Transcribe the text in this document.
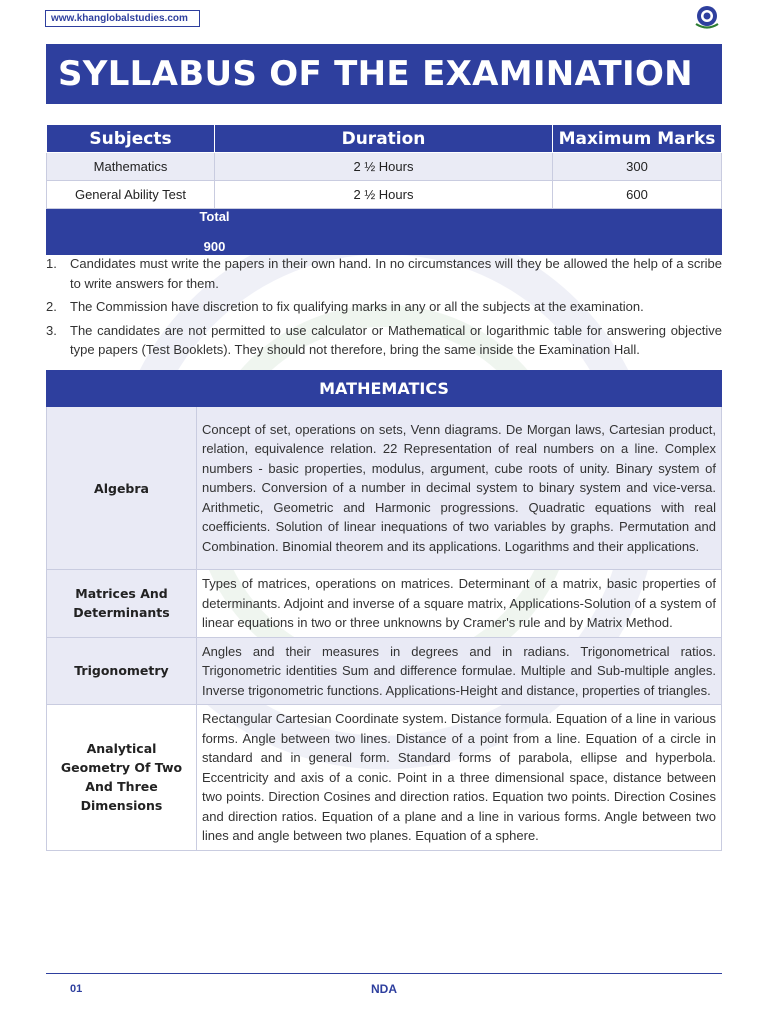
www.khanglobalstudies.com
SYLLABUS OF THE EXAMINATION
Subjects	Duration	Maximum Marks
Mathematics	2 ½ Hours	300
General Ability Test	2 ½ Hours	600
Total  900		
1. Candidates must write the papers in their own hand. In no circumstances will they be allowed the help of a scribe to write answers for them.
2. The Commission have discretion to fix qualifying marks in any or all the subjects at the examination.
3. The candidates are not permitted to use calculator or Mathematical or logarithmic table for answering objective type papers (Test Booklets). They should not therefore, bring the same inside the Examination Hall.
MATHEMATICS	
Algebra	Concept of set, operations on sets, Venn diagrams. De Morgan laws, Cartesian product, relation, equivalence relation. 22 Representation of real numbers on a line. Complex numbers - basic properties, modulus, argument, cube roots of unity. Binary system of numbers. Conversion of a number in decimal system to binary system and vice-versa. Arithmetic, Geometric and Harmonic progressions. Quadratic equations with real coefficients. Solution of linear inequations of two variables by graphs. Permutation and Combination. Binomial theorem and its applications. Logarithms and their applications.
Matrices And Determinants	Types of matrices, operations on matrices. Determinant of a matrix, basic properties of determinants. Adjoint and inverse of a square matrix, Applications-Solution of a system of linear equations in two or three unknowns by Cramer's rule and by Matrix Method.
Trigonometry	Angles and their measures in degrees and in radians. Trigonometrical ratios. Trigonometric identities Sum and difference formulae. Multiple and Sub-multiple angles. Inverse trigonometric functions. Applications-Height and distance, properties of triangles.
Analytical Geometry Of Two And Three Dimensions	Rectangular Cartesian Coordinate system. Distance formula. Equation of a line in various forms. Angle between two lines. Distance of a point from a line. Equation of a circle in standard and in general form. Standard forms of parabola, ellipse and hyperbola. Eccentricity and axis of a conic. Point in a three dimensional space, distance between two points. Direction Cosines and direction ratios. Equation two points. Direction Cosines and direction ratios. Equation of a plane and a line in various forms. Angle between two lines and angle between two planes. Equation of a sphere.
01	NDA
